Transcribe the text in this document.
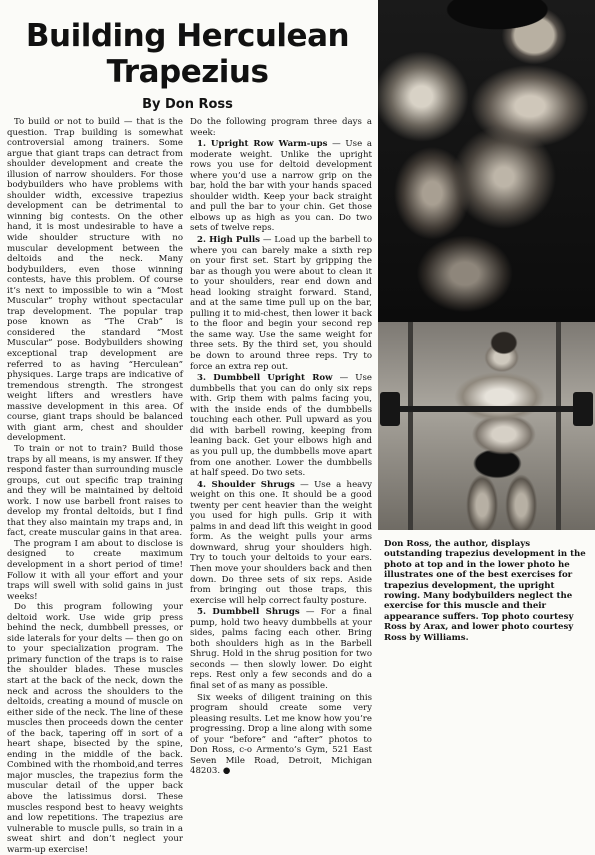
Building Herculean
Trapezius
By Don Ross

To build or not to build — that is the question. Trap building is somewhat controversial among trainers. Some argue that giant traps can detract from shoulder development and create the illusion of narrow shoulders. For those bodybuilders who have problems with shoulder width, excessive trapezius development can be detrimental to winning big contests. On the other hand, it is most undesirable to have a wide shoulder structure with no muscular development between the deltoids and the neck. Many bodybuilders, even those winning contests, have this problem. Of course it’s next to impossible to win a “Most Muscular” trophy without spectacular trap development. The popular trap pose known as “The Crab” is considered the standard “Most Muscular” pose. Bodybuilders showing exceptional trap development are referred to as having “Herculean” physiques. Large traps are indicative of tremendous strength. The strongest weight lifters and wrestlers have massive development in this area. Of course, giant traps should be balanced with giant arm, chest and shoulder development.

To train or not to train? Build those traps by all means, is my answer. If they respond faster than surrounding muscle groups, cut out specific trap training and they will be maintained by deltoid work. I now use barbell front raises to develop my frontal deltoids, but I find that they also maintain my traps and, in fact, create muscular gains in that area.

The program I am about to disclose is designed to create maximum development in a short period of time! Follow it with all your effort and your traps will swell with solid gains in just weeks!

Do this program following your deltoid work. Use wide grip press behind the neck, dumbbell presses, or side laterals for your delts — then go on to your specialization program. The primary function of the traps is to raise the shoulder blades. These muscles start at the back of the neck, down the neck and across the shoulders to the deltoids, creating a mound of muscle on either side of the neck. The line of these muscles then proceeds down the center of the back, tapering off in sort of a heart shape, bisected by the spine, ending in the middle of the back. Combined with the rhomboid,and terres major muscles, the trapezius form the muscular detail of the upper back above the latissimus dorsi. These muscles respond best to heavy weights and low repetitions. The trapezius are vulnerable to muscle pulls, so train in a sweat shirt and don’t neglect your warm-up exercise!

Do the following program three days a week:

1. Upright Row Warm-ups — Use a moderate weight. Unlike the upright rows you use for deltoid development where you’d use a narrow grip on the bar, hold the bar with your hands spaced shoulder width. Keep your back straight and pull the bar to your chin. Get those elbows up as high as you can. Do two sets of twelve reps.

2. High Pulls — Load up the barbell to where you can barely make a sixth rep on your first set. Start by gripping the bar as though you were about to clean it to your shoulders, rear end down and head looking straight forward. Stand, and at the same time pull up on the bar, pulling it to mid-chest, then lower it back to the floor and begin your second rep the same way. Use the same weight for three sets. By the third set, you should be down to around three reps. Try to force an extra rep out.

3. Dumbbell Upright Row — Use dumbbells that you can do only six reps with. Grip them with palms facing you, with the inside ends of the dumbbells touching each other. Pull upward as you did with barbell rowing, keeping from leaning back. Get your elbows high and as you pull up, the dumbbells move apart from one another. Lower the dumbbells at half speed. Do two sets.

4. Shoulder Shrugs — Use a heavy weight on this one. It should be a good twenty per cent heavier than the weight you used for high pulls. Grip it with palms in and dead lift this weight in good form. As the weight pulls your arms downward, shrug your shoulders high. Try to touch your deltoids to your ears. Then move your shoulders back and then down. Do three sets of six reps. Aside from bringing out those traps, this exercise will help correct faulty posture.

5. Dumbbell Shrugs — For a final pump, hold two heavy dumbbells at your sides, palms facing each other. Bring both shoulders high as in the Barbell Shrug. Hold in the shrug position for two seconds — then slowly lower. Do eight reps. Rest only a few seconds and do a final set of as many as possible.

Six weeks of diligent training on this program should create some very pleasing results. Let me know how you’re progressing. Drop a line along with some of your “before” and “after” photos to Don Ross, c-o Armento’s Gym, 521 East Seven Mile Road, Detroit, Michigan 48203. ●

Don Ross, the author, displays outstanding trapezius development in the photo at top and in the lower photo he illustrates one of the best exercises for trapezius development, the upright rowing. Many bodybuilders neglect the exercise for this muscle and their appearance suffers. Top photo courtesy Ross by Arax, and lower photo courtesy Ross by Williams.
